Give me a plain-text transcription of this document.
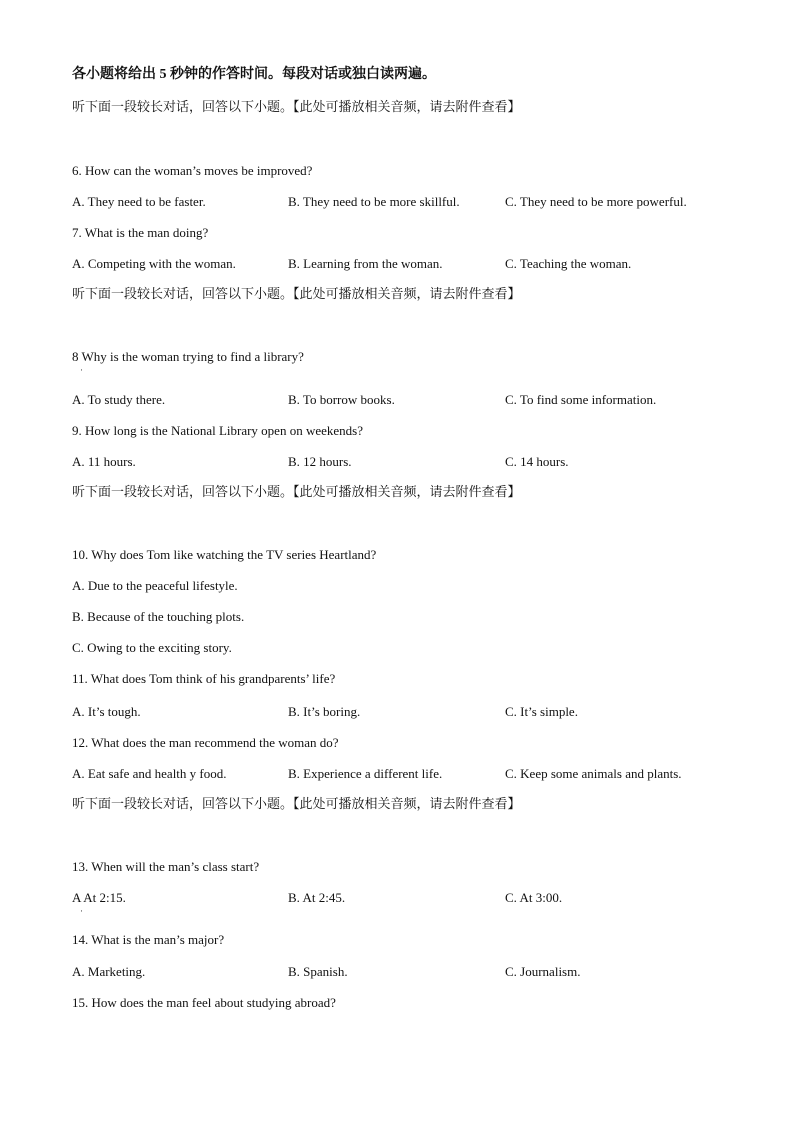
各小题将给出 5 秒钟的作答时间。每段对话或独白读两遍。
听下面一段较长对话，回答以下小题。【此处可播放相关音频，请去附件查看】
6. How can the woman’s moves be improved?
A. They need to be faster.	B. They need to be more skillful.	C. They need to be more powerful.
7. What is the man doing?
A. Competing with the woman.	B. Learning from the woman.	C. Teaching the woman.
听下面一段较长对话，回答以下小题。【此处可播放相关音频，请去附件查看】
8 Why is the woman trying to find a library?
·
A. To study there.	B. To borrow books.	C. To find some information.
9. How long is the National Library open on weekends?
A. 11 hours.	B. 12 hours.	C. 14 hours.
听下面一段较长对话，回答以下小题。【此处可播放相关音频，请去附件查看】
10. Why does Tom like watching the TV series Heartland?
A. Due to the peaceful lifestyle.
B. Because of the touching plots.
C. Owing to the exciting story.
11. What does Tom think of his grandparents’ life?
A. It’s tough.	B. It’s boring.	C. It’s simple.
12. What does the man recommend the woman do?
A. Eat safe and health y food.	B. Experience a different life.	C. Keep some animals and plants.
听下面一段较长对话，回答以下小题。【此处可播放相关音频，请去附件查看】
13. When will the man’s class start?
A At 2:15.	B. At 2:45.	C. At 3:00.
·
14. What is the man’s major?
A. Marketing.	B. Spanish.	C. Journalism.
15. How does the man feel about studying abroad?
